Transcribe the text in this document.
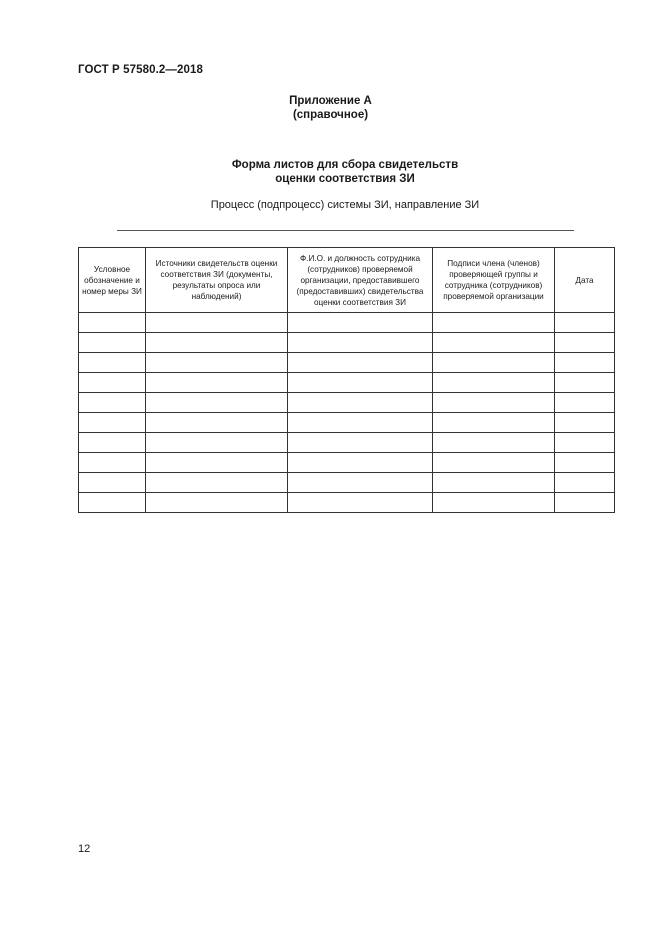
ГОСТ Р 57580.2—2018
Приложение А
(справочное)
Форма листов для сбора свидетельств
оценки соответствия ЗИ
Процесс (подпроцесс) системы ЗИ, направление ЗИ
Условное обозначение и номер меры ЗИ	Источники свидетельств оценки соответствия ЗИ (документы, результаты опроса или наблюдений)	Ф.И.О. и должность сотрудника (сотрудников) проверяемой организации, предоставившего (предоставивших) свидетельства оценки соответствия ЗИ	Подписи члена (членов) проверяющей группы и сотрудника (сотрудников) проверяемой организации	Дата

12
